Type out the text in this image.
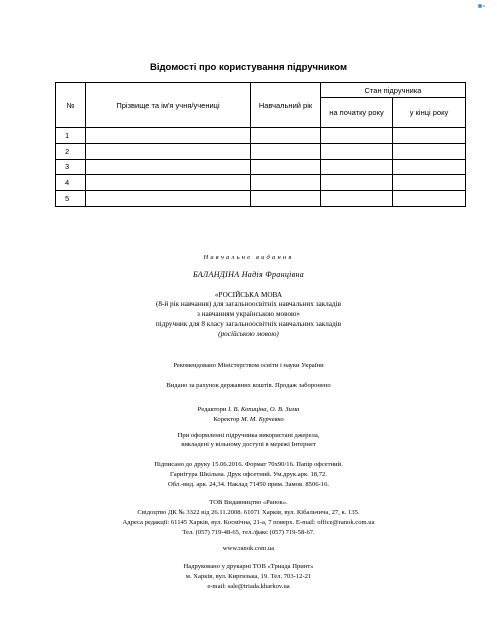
e
Відомості про користування підручником
№	Прізвище та ім'я учня/учениці	Навчальний рік	Стан підручника	
			на початку року	у кінці року
1				
2				
3				
4				
5				
Навчальне видання
БАЛАНДІНА Надія Францівна
«РОСІЙСЬКА МОВА
(8-й рік навчання) для загальноосвітніх навчальних закладів
з навчанням українською мовою»
підручник для 8 класу загальноосвітніх навчальних закладів
(російською мовою)
Рекомендовано Міністерством освіти і науки України
Видано за рахунок державних коштів. Продаж заборонено
Редактори І. В. Копиціна, О. В. Зима
Коректор М. М. Бурчевко
При оформленні підручника використані джерела,
викладені у вільному доступі в мережі Інтернет
Підписано до друку 15.06.2016. Формат 70х90/16. Папір офсетний.
Гарнітура Шкільна. Друк офсетний. Ум.друк.арк. 18,72.
Обл.-вид. арк. 24,34. Наклад 71450 прим. Замов. 8506-16.
ТОВ Видавництво «Ранок».
Свідоцтво ДК № 3322 від 26.11.2008. 61071 Харків, вул. Кібальчича, 27, к. 135.
Адреса редакції: 61145 Харків, вул. Космічна, 21-а, 7 поверх. E-mail: office@ranok.com.ua
Тел. (057) 719-48-65, тел./факс (057) 719-58-67.
www.ranok.com.ua
Надруковано у друкарні ТОВ «Триада Принт»
м. Харків, вул. Киргизька, 19. Тел. 703-12-21
e-mail: sale@triada.kharkov.ua
